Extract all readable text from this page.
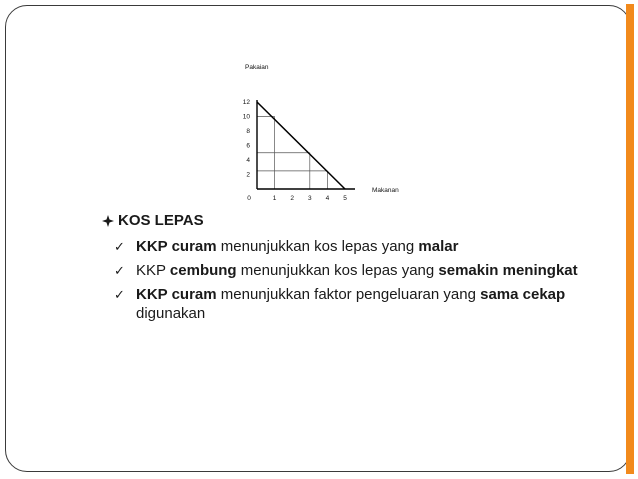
2
4
6
8
10
12
0	1 2 3 4 5
Pakaian
Makanan
KOS LEPAS
✓ KKP curam menunjukkan kos lepas yang malar
✓ KKP cembung menunjukkan kos lepas yang semakin meningkat
✓ KKP curam menunjukkan faktor pengeluaran yang sama cekap digunakan
